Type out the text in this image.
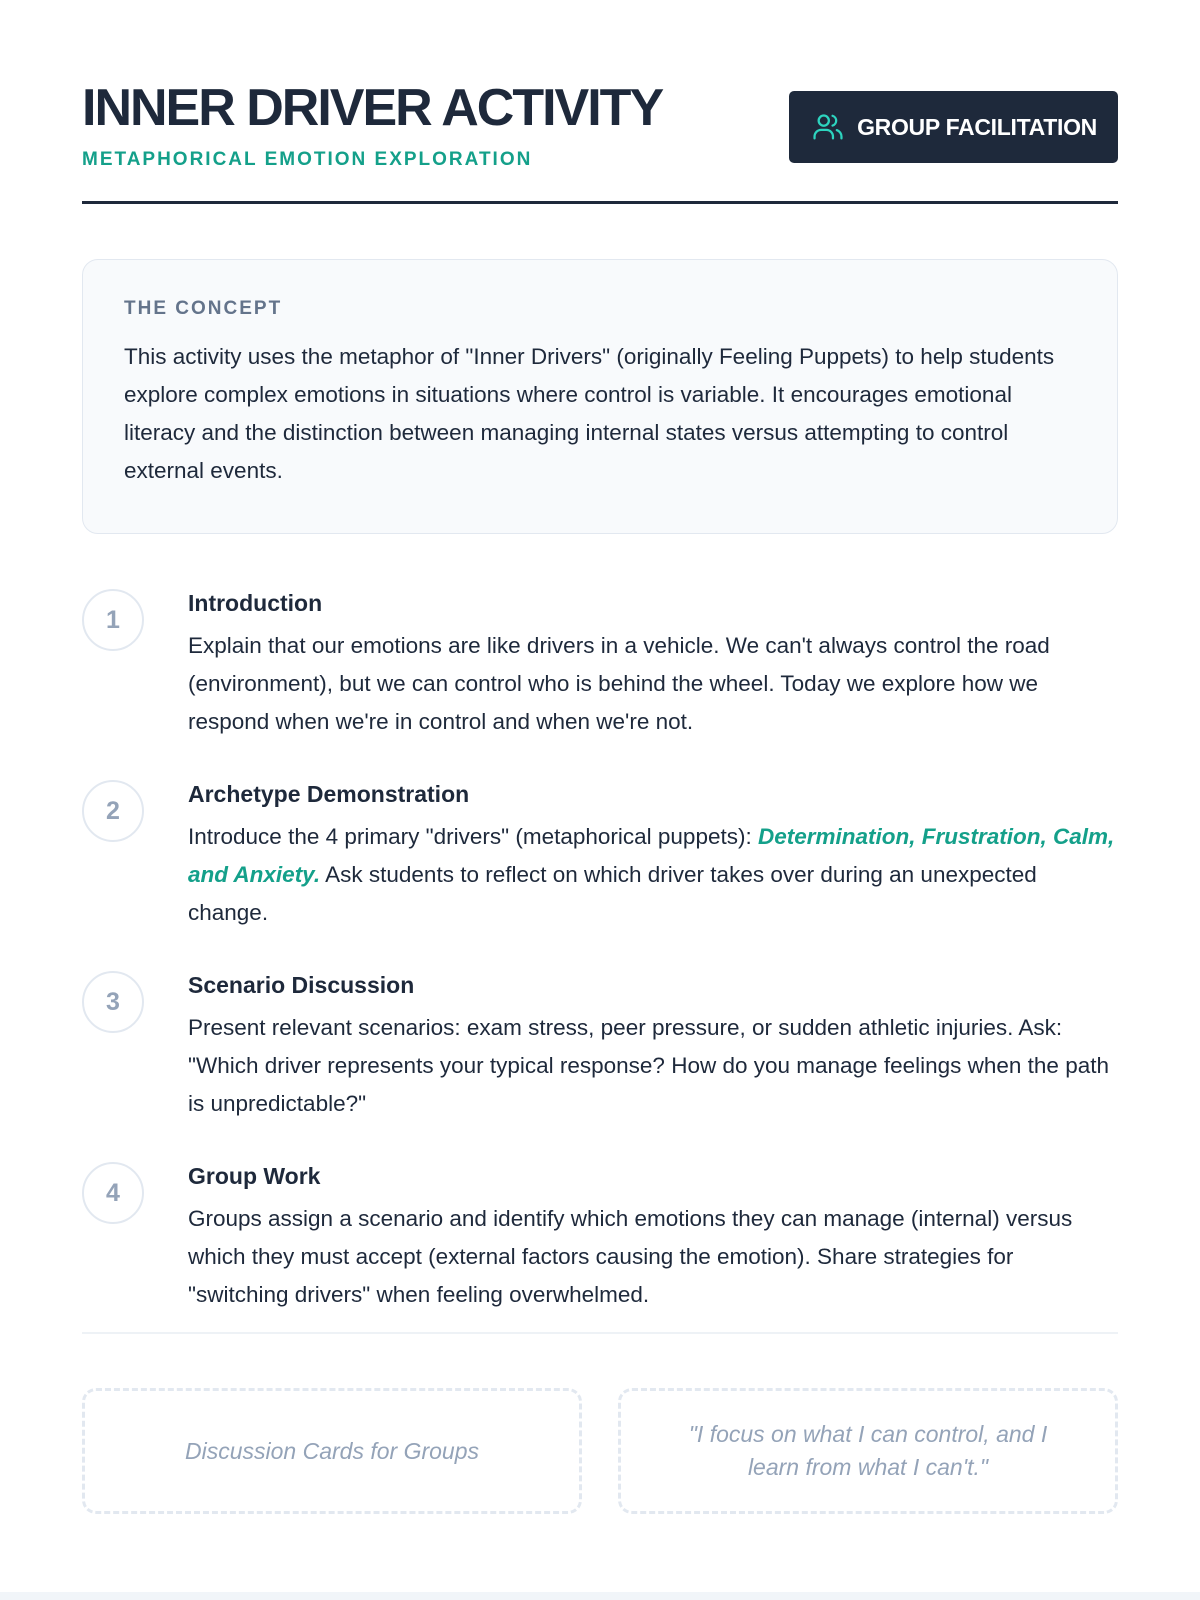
INNER DRIVER ACTIVITY
METAPHORICAL EMOTION EXPLORATION
GROUP FACILITATION
THE CONCEPT

This activity uses the metaphor of "Inner Drivers" (originally Feeling Puppets) to help students explore complex emotions in situations where control is variable. It encourages emotional literacy and the distinction between managing internal states versus attempting to control external events.

1
Introduction

Explain that our emotions are like drivers in a vehicle. We can't always control the road (environment), but we can control who is behind the wheel. Today we explore how we respond when we're in control and when we're not.

2
Archetype Demonstration

Introduce the 4 primary "drivers" (metaphorical puppets): Determination, Frustration, Calm, and Anxiety. Ask students to reflect on which driver takes over during an unexpected change.

3
Scenario Discussion

Present relevant scenarios: exam stress, peer pressure, or sudden athletic injuries. Ask: "Which driver represents your typical response? How do you manage feelings when the path is unpredictable?"

4
Group Work

Groups assign a scenario and identify which emotions they can manage (internal) versus which they must accept (external factors causing the emotion). Share strategies for "switching drivers" when feeling overwhelmed.

Discussion Cards for Groups
"I focus on what I can control, and I learn from what I can't."
